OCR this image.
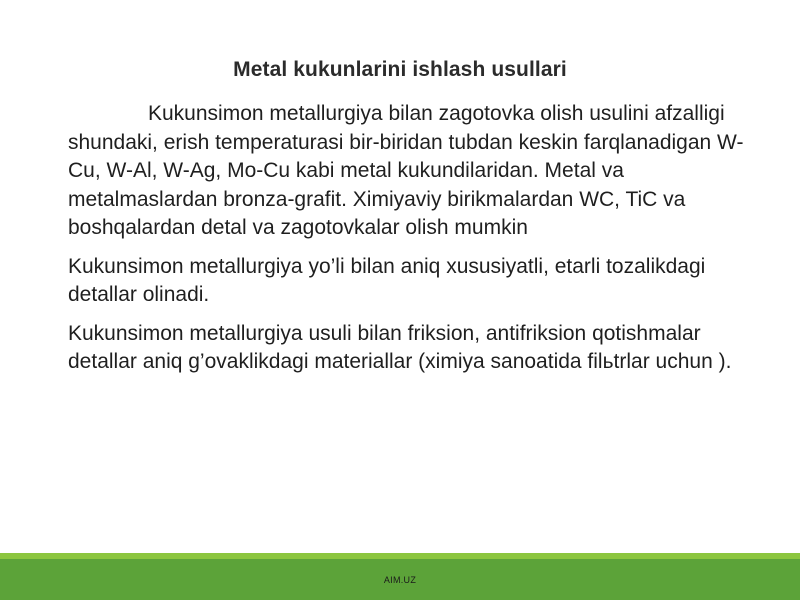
Metal kukunlarini ishlash usullari

Kukunsimon metallurgiya bilan zagotovka olish usulini afzalligi shundaki, erish temperaturasi bir-biridan tubdan keskin farqlanadigan W-Cu, W-Al, W-Ag, Mo-Cu kabi metal kukundilaridan. Metal va metalmaslardan bronza-grafit. Ximiyaviy birikmalardan WC, TiC va boshqalardan detal va zagotovkalar olish mumkin

Kukunsimon metallurgiya yo’li bilan aniq xususiyatli, etarli tozalikdagi detallar olinadi.

Kukunsimon metallurgiya usuli bilan friksion, antifriksion qotishmalar detallar aniq g’ovaklikdagi materiallar (ximiya sanoatida filьtrlar uchun ).

AIM.UZ
